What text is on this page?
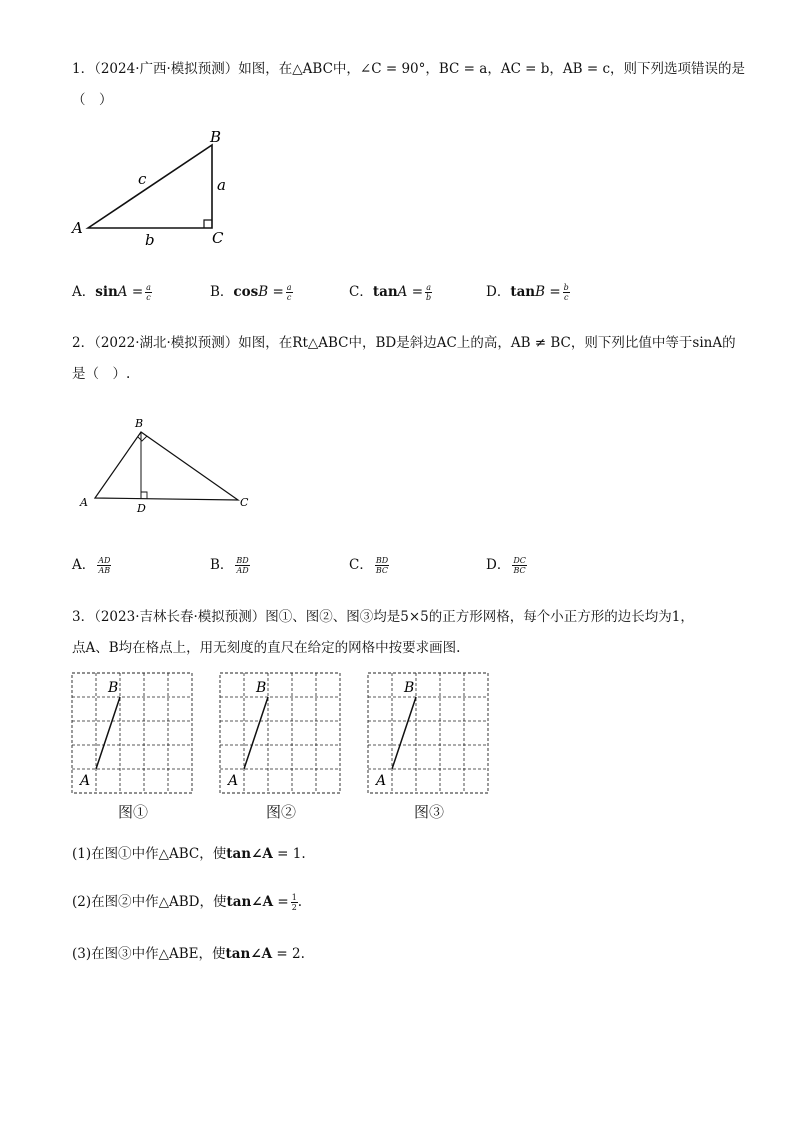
1．（2024·广西·模拟预测）如图，在△ABC中，∠C = 90°，BC = a，AC = b，AB = c，则下列选项错误的是
（　）
A
B
C
a
b
c
A．$\sin A = \frac{a}{c}$	B．$\cos B = \frac{a}{c}$	C．$\tan A = \frac{a}{b}$	D．$\tan B = \frac{b}{c}$
2．（2022·湖北·模拟预测）如图，在Rt△ABC中，BD是斜边AC上的高，AB ≠ BC，则下列比值中等于sinA的
是（　）.
A
B
C
D
A． $\frac{AD}{AB}$	B． $\frac{BD}{AD}$	C． $\frac{BD}{BC}$	D． $\frac{DC}{BC}$
3．（2023·吉林长春·模拟预测）图①、图②、图③均是5×5的正方形网格，每个小正方形的边长均为1，
点A、B均在格点上，用无刻度的直尺在给定的网格中按要求画图.
B
A
图①
B
A
图②
B
A
图③
(1)在图①中作△ABC，使tan∠A = 1.
(2)在图②中作△ABD，使tan∠A = $\frac{1}{2}$ .
(3)在图③中作△ABE，使tan∠A = 2.
